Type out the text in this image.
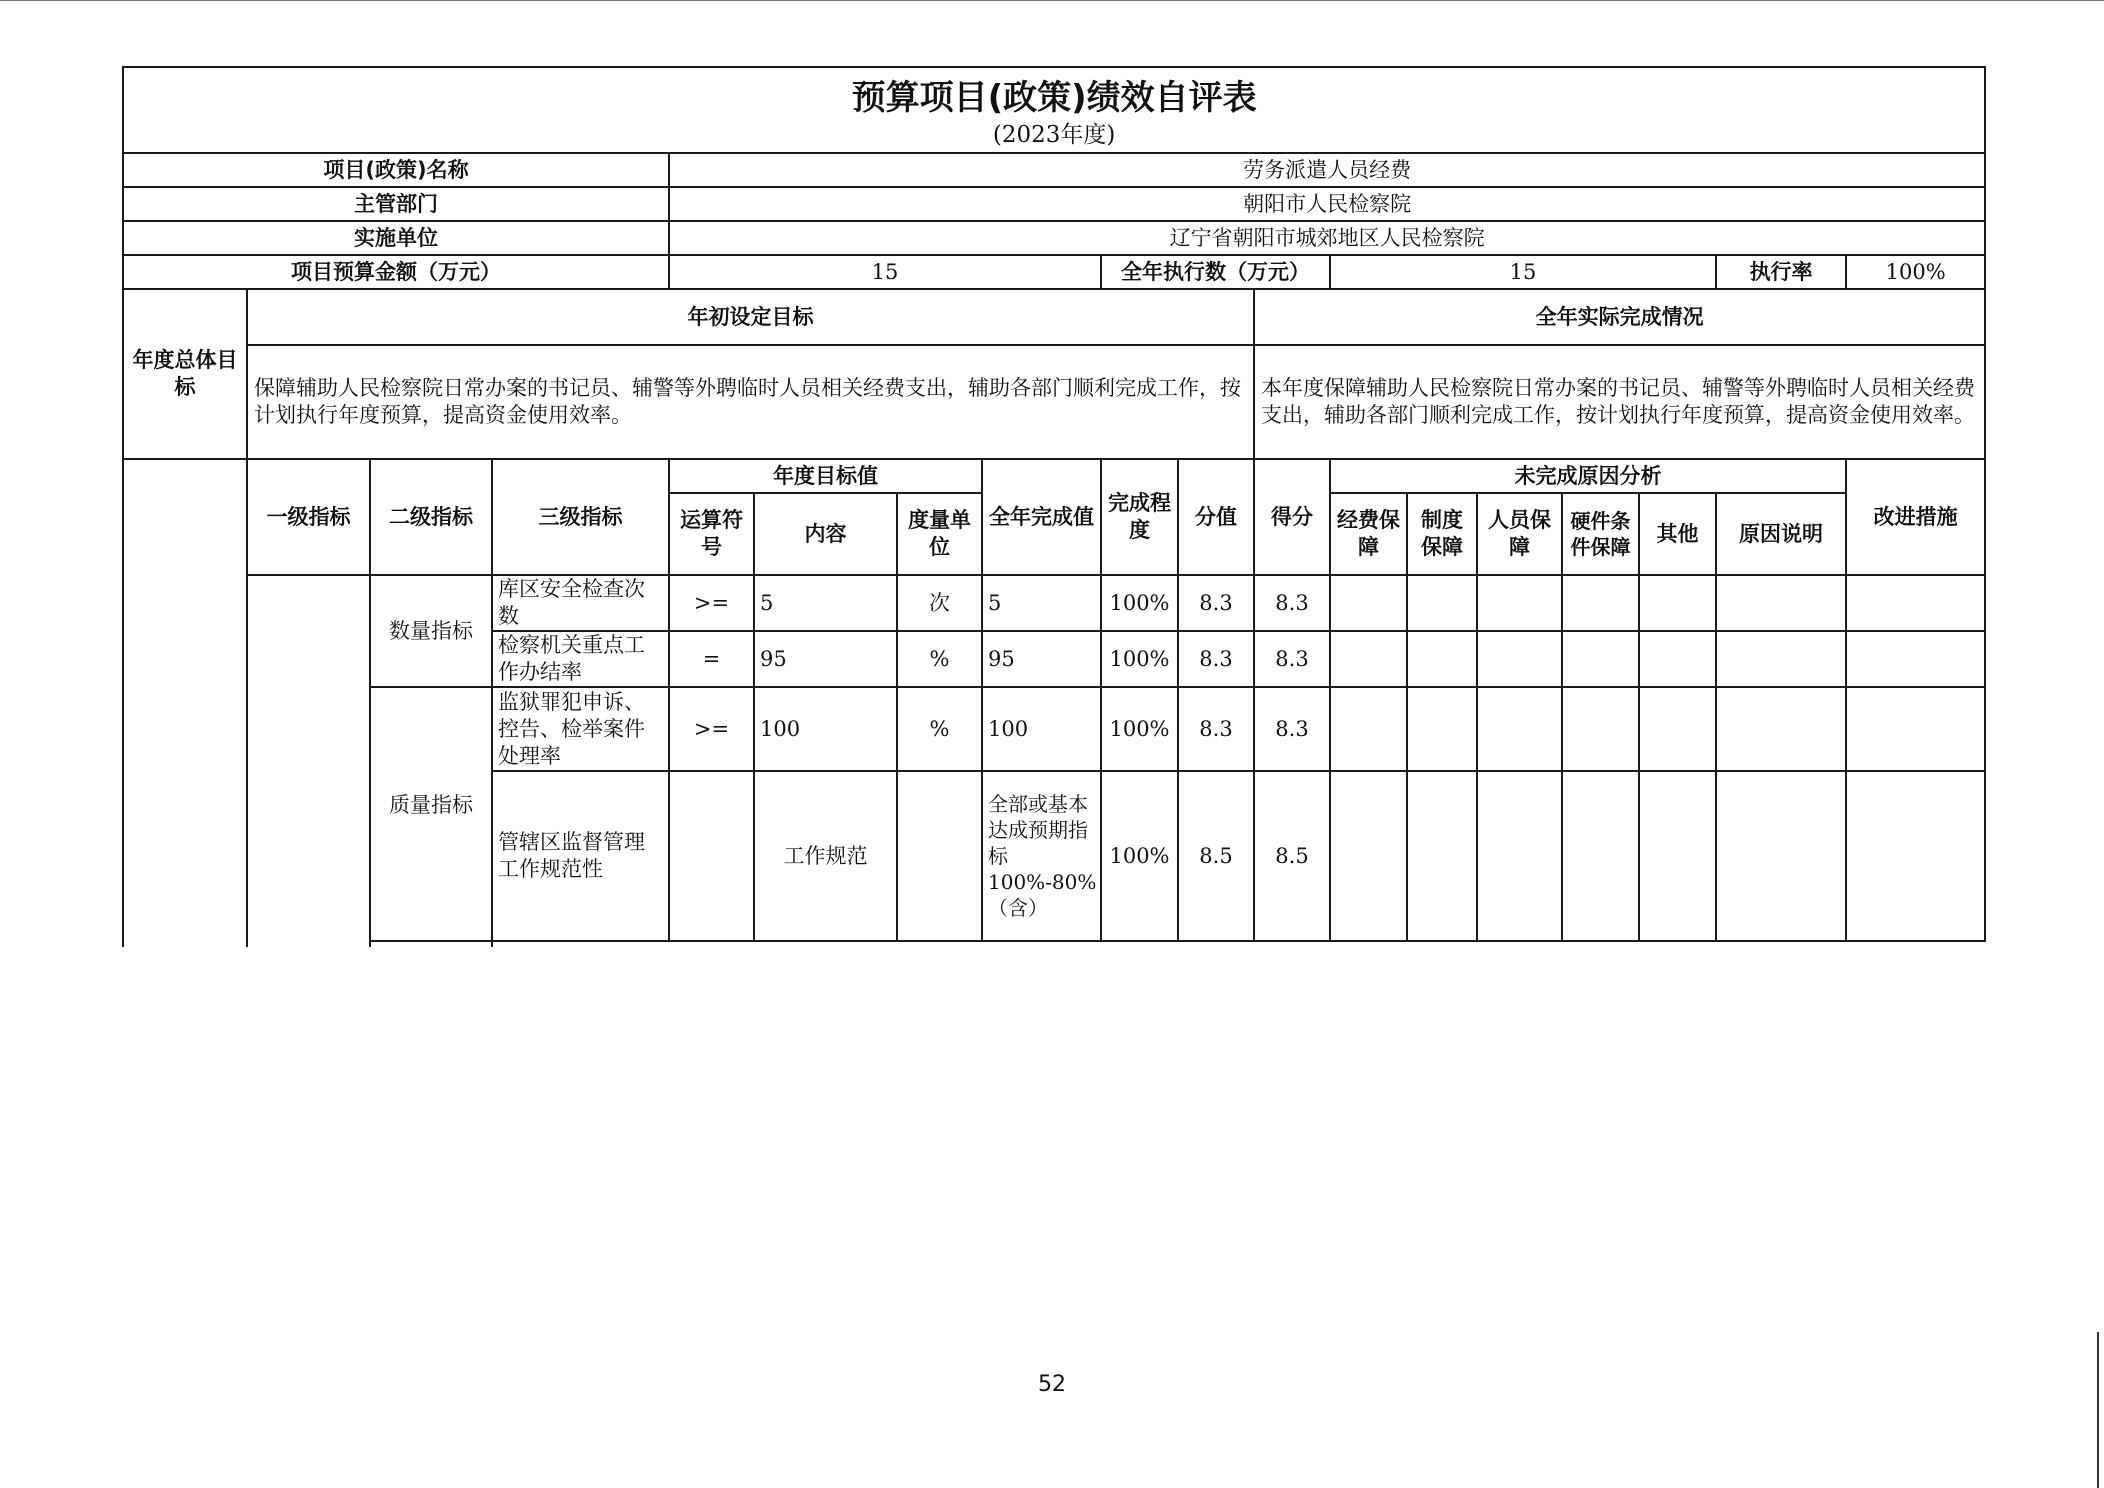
预算项目(政策)绩效自评表																	
(2023年度)																	
项目(政策)名称				劳务派遣人员经费													
主管部门				朝阳市人民检察院													
实施单位				辽宁省朝阳市城郊地区人民检察院													
项目预算金额（万元）				15				全年执行数（万元）			15					执行率	100%
年度总体目标	年初设定目标									全年实际完成情况							
	保障辅助人民检察院日常办案的书记员、辅警等外聘临时人员相关经费支出，辅助各部门顺利完成工作，按计划执行年度预算，提高资金使用效率。									本年度保障辅助人民检察院日常办案的书记员、辅警等外聘临时人员相关经费支出，辅助各部门顺利完成工作，按计划执行年度预算，提高资金使用效率。							
	一级指标	二级指标	三级指标	年度目标值			全年完成值	完成程度	分值	得分	未完成原因分析						改进措施
				运算符号	内容	度量单位					经费保障	制度保障	人员保障	硬件条件保障	其他	原因说明	
		数量指标	库区安全检查次数	>=	5	次	5	100%	8.3	8.3							
			检察机关重点工作办结率	=	95	%	95	100%	8.3	8.3							
		质量指标	监狱罪犯申诉、控告、检举案件处理率	>=	100	%	100	100%	8.3	8.3							
			管辖区监督管理工作规范性		工作规范		全部或基本达成预期指标100%-80%（含）	100%	8.5	8.5							

52
